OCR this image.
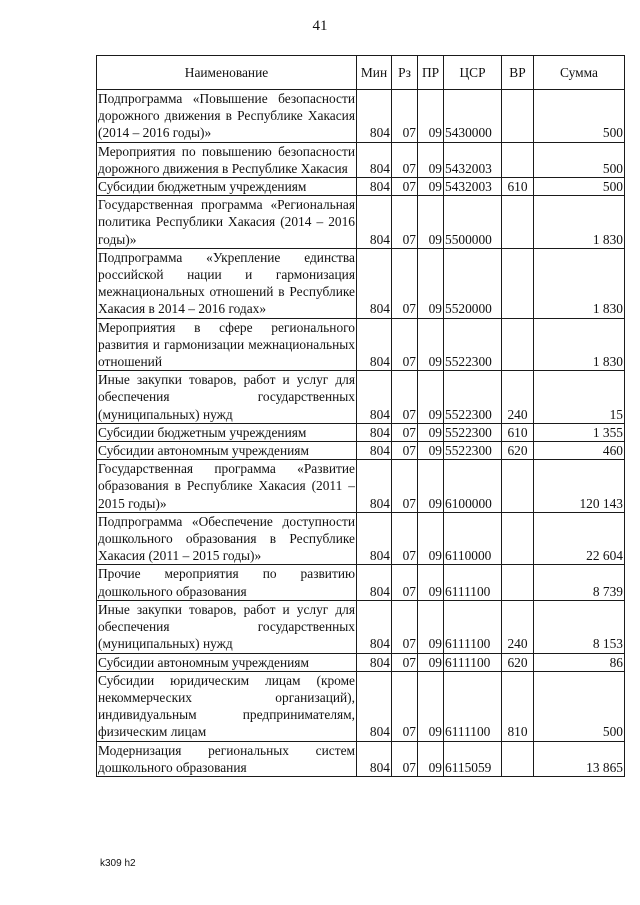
41
Наименование	Мин	Рз	ПР	ЦСР	ВР	Сумма
Подпрограмма «Повышение безопасности дорожного движения в Республике Хакасия (2014 – 2016 годы)»	804	07	09	5430000		500
Мероприятия по повышению безопасности дорожного движения в Республике Хакасия	804	07	09	5432003		500
Субсидии бюджетным учреждениям	804	07	09	5432003	610	500
Государственная программа «Региональная политика Республики Хакасия (2014 – 2016 годы)»	804	07	09	5500000		1 830
Подпрограмма «Укрепление единства российской нации и гармонизация межнациональных отношений в Республике Хакасия в 2014 – 2016 годах»	804	07	09	5520000		1 830
Мероприятия в сфере регионального развития и гармонизации межнациональных отношений	804	07	09	5522300		1 830
Иные закупки товаров, работ и услуг для обеспечения государственных (муниципальных) нужд	804	07	09	5522300	240	15
Субсидии бюджетным учреждениям	804	07	09	5522300	610	1 355
Субсидии автономным учреждениям	804	07	09	5522300	620	460
Государственная программа «Развитие образования в Республике Хакасия (2011 – 2015 годы)»	804	07	09	6100000		120 143
Подпрограмма «Обеспечение доступности дошкольного образования в Республике Хакасия (2011 – 2015 годы)»	804	07	09	6110000		22 604
Прочие мероприятия по развитию дошкольного образования	804	07	09	6111100		8 739
Иные закупки товаров, работ и услуг для обеспечения государственных (муниципальных) нужд	804	07	09	6111100	240	8 153
Субсидии автономным учреждениям	804	07	09	6111100	620	86
Субсидии юридическим лицам (кроме некоммерческих организаций), индивидуальным предпринимателям, физическим лицам	804	07	09	6111100	810	500
Модернизация региональных систем дошкольного образования	804	07	09	6115059		13 865
k309 h2
